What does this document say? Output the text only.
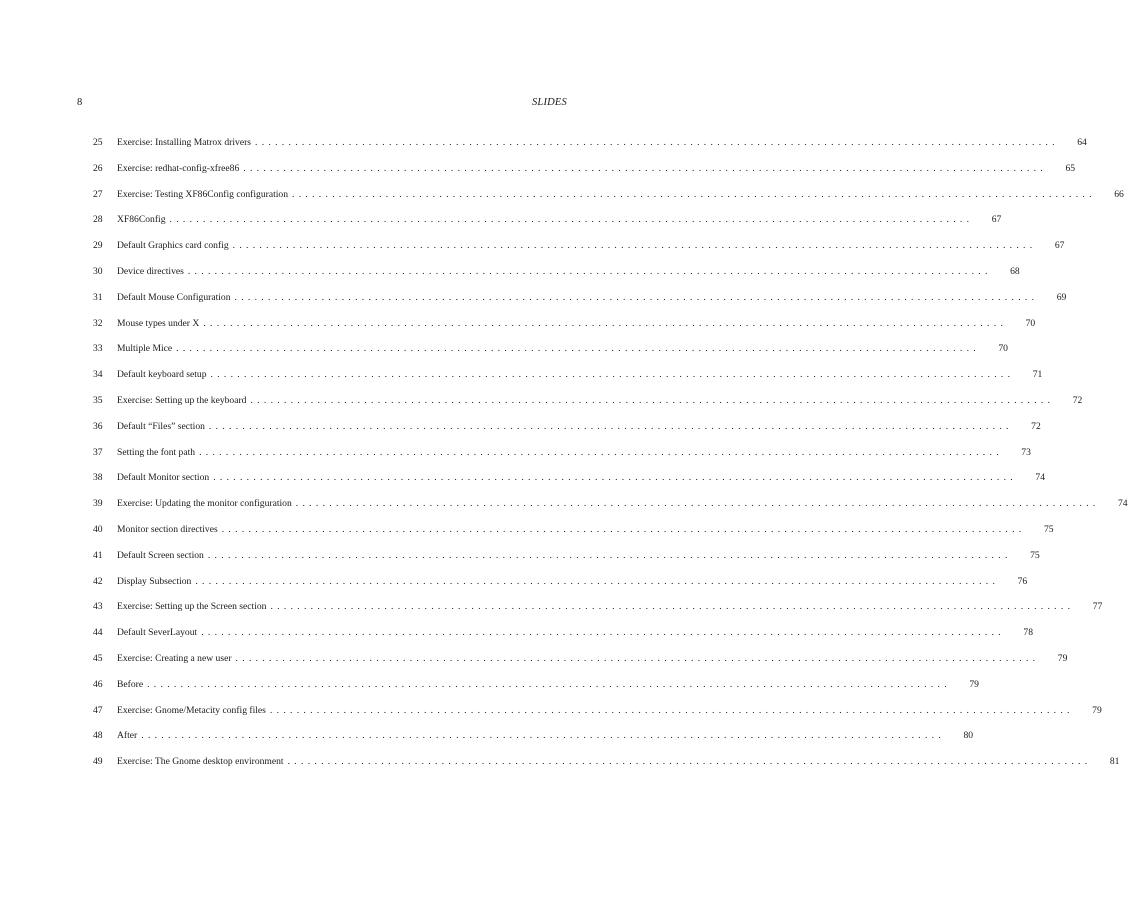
8	SLIDES
25	Exercise: Installing Matrox drivers ........................................................................................................................	64
26	Exercise: redhat-config-xfree86 ........................................................................................................................	65
27	Exercise: Testing XF86Config configuration ........................................................................................................................	66
28	XF86Config ........................................................................................................................	67
29	Default Graphics card config ........................................................................................................................	67
30	Device directives ........................................................................................................................	68
31	Default Mouse Configuration ........................................................................................................................	69
32	Mouse types under X ........................................................................................................................	70
33	Multiple Mice ........................................................................................................................	70
34	Default keyboard setup ........................................................................................................................	71
35	Exercise: Setting up the keyboard ........................................................................................................................	72
36	Default “Files” section ........................................................................................................................	72
37	Setting the font path ........................................................................................................................	73
38	Default Monitor section ........................................................................................................................	74
39	Exercise: Updating the monitor configuration ........................................................................................................................	74
40	Monitor section directives ........................................................................................................................	75
41	Default Screen section ........................................................................................................................	75
42	Display Subsection ........................................................................................................................	76
43	Exercise: Setting up the Screen section ........................................................................................................................	77
44	Default SeverLayout ........................................................................................................................	78
45	Exercise: Creating a new user ........................................................................................................................	79
46	Before ........................................................................................................................	79
47	Exercise: Gnome/Metacity config files ........................................................................................................................	79
48	After ........................................................................................................................	80
49	Exercise: The Gnome desktop environment ........................................................................................................................	81
